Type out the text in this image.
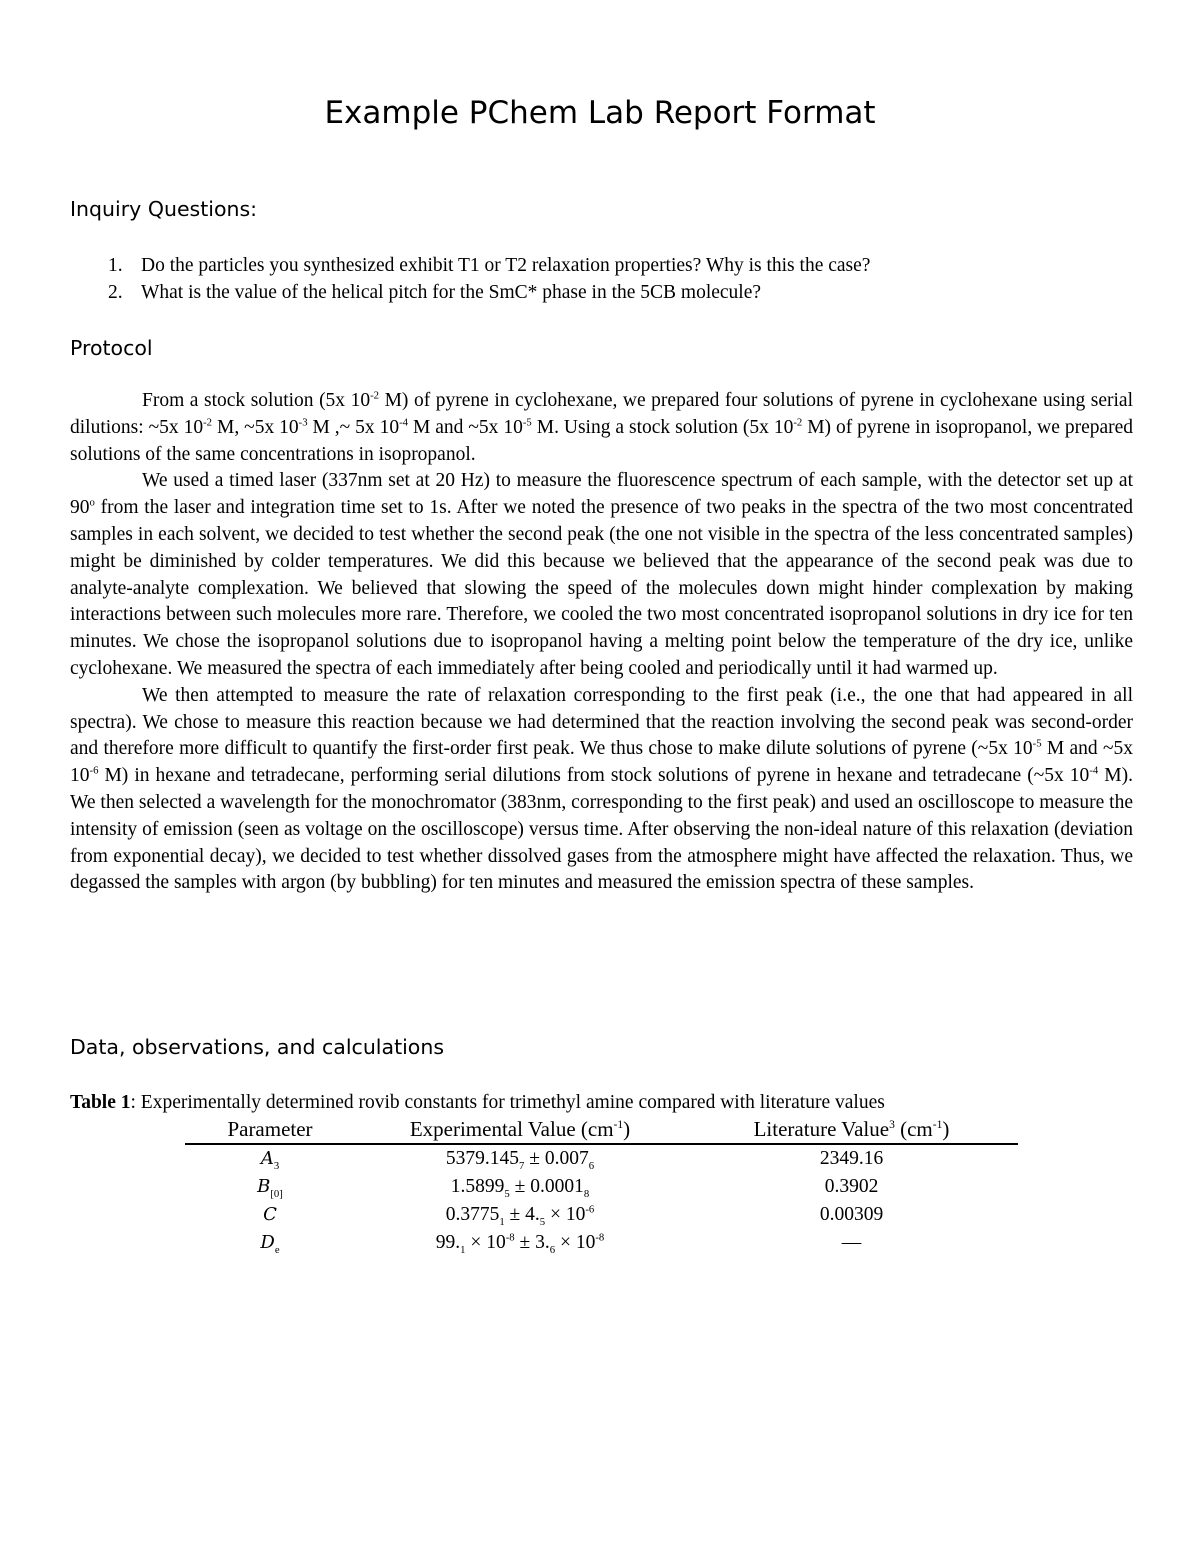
Example PChem Lab Report Format
Inquiry Questions:
1. Do the particles you synthesized exhibit T1 or T2 relaxation properties? Why is this the case?
2. What is the value of the helical pitch for the SmC* phase in the 5CB molecule?
Protocol

From a stock solution (5x $10^{-2}$ M) of pyrene in cyclohexane, we prepared four solutions of pyrene in cyclohexane using serial dilutions: ~5x $10^{-2}$ M, ~5x $10^{-3}$ M ,~ 5x $10^{-4}$ M and ~5x $10^{-5}$ M. Using a stock solution (5x $10^{-2}$ M) of pyrene in isopropanol, we prepared solutions of the same concentrations in isopropanol.

We used a timed laser (337nm set at 20 Hz) to measure the fluorescence spectrum of each sample, with the detector set up at 90$^o$ from the laser and integration time set to 1s. After we noted the presence of two peaks in the spectra of the two most concentrated samples in each solvent, we decided to test whether the second peak (the one not visible in the spectra of the less concentrated samples) might be diminished by colder temperatures. We did this because we believed that the appearance of the second peak was due to analyte-analyte complexation. We believed that slowing the speed of the molecules down might hinder complexation by making interactions between such molecules more rare. Therefore, we cooled the two most concentrated isopropanol solutions in dry ice for ten minutes. We chose the isopropanol solutions due to isopropanol having a melting point below the temperature of the dry ice, unlike cyclohexane. We measured the spectra of each immediately after being cooled and periodically until it had warmed up.

We then attempted to measure the rate of relaxation corresponding to the first peak (i.e., the one that had appeared in all spectra). We chose to measure this reaction because we had determined that the reaction involving the second peak was second-order and therefore more difficult to quantify the first-order first peak. We thus chose to make dilute solutions of pyrene (~5x $10^{-5}$ M and ~5x $10^{-6}$ M) in hexane and tetradecane, performing serial dilutions from stock solutions of pyrene in hexane and tetradecane (~5x $10^{-4}$ M). We then selected a wavelength for the monochromator (383nm, corresponding to the first peak) and used an oscilloscope to measure the intensity of emission (seen as voltage on the oscilloscope) versus time. After observing the non-ideal nature of this relaxation (deviation from exponential decay), we decided to test whether dissolved gases from the atmosphere might have affected the relaxation. Thus, we degassed the samples with argon (by bubbling) for ten minutes and measured the emission spectra of these samples.

Data, observations, and calculations

Table 1: Experimentally determined rovib constants for trimethyl amine compared with literature values

Parameter	Experimental Value $(cm^{-1})$	Literature Value$^3$ $(cm^{-1})$
$A_3$	$5379.145_7 \pm 0.007_6$	2349.16
$B_{[0]}$	$1.5899_5 \pm 0.0001_8$	0.3902
C	$0.3775_1 \pm 4._5 \times 10^{-6}$	0.00309
$D_e$	$99._1 \times 10^{-8} \pm 3._6 \times 10^{-8}$	—
